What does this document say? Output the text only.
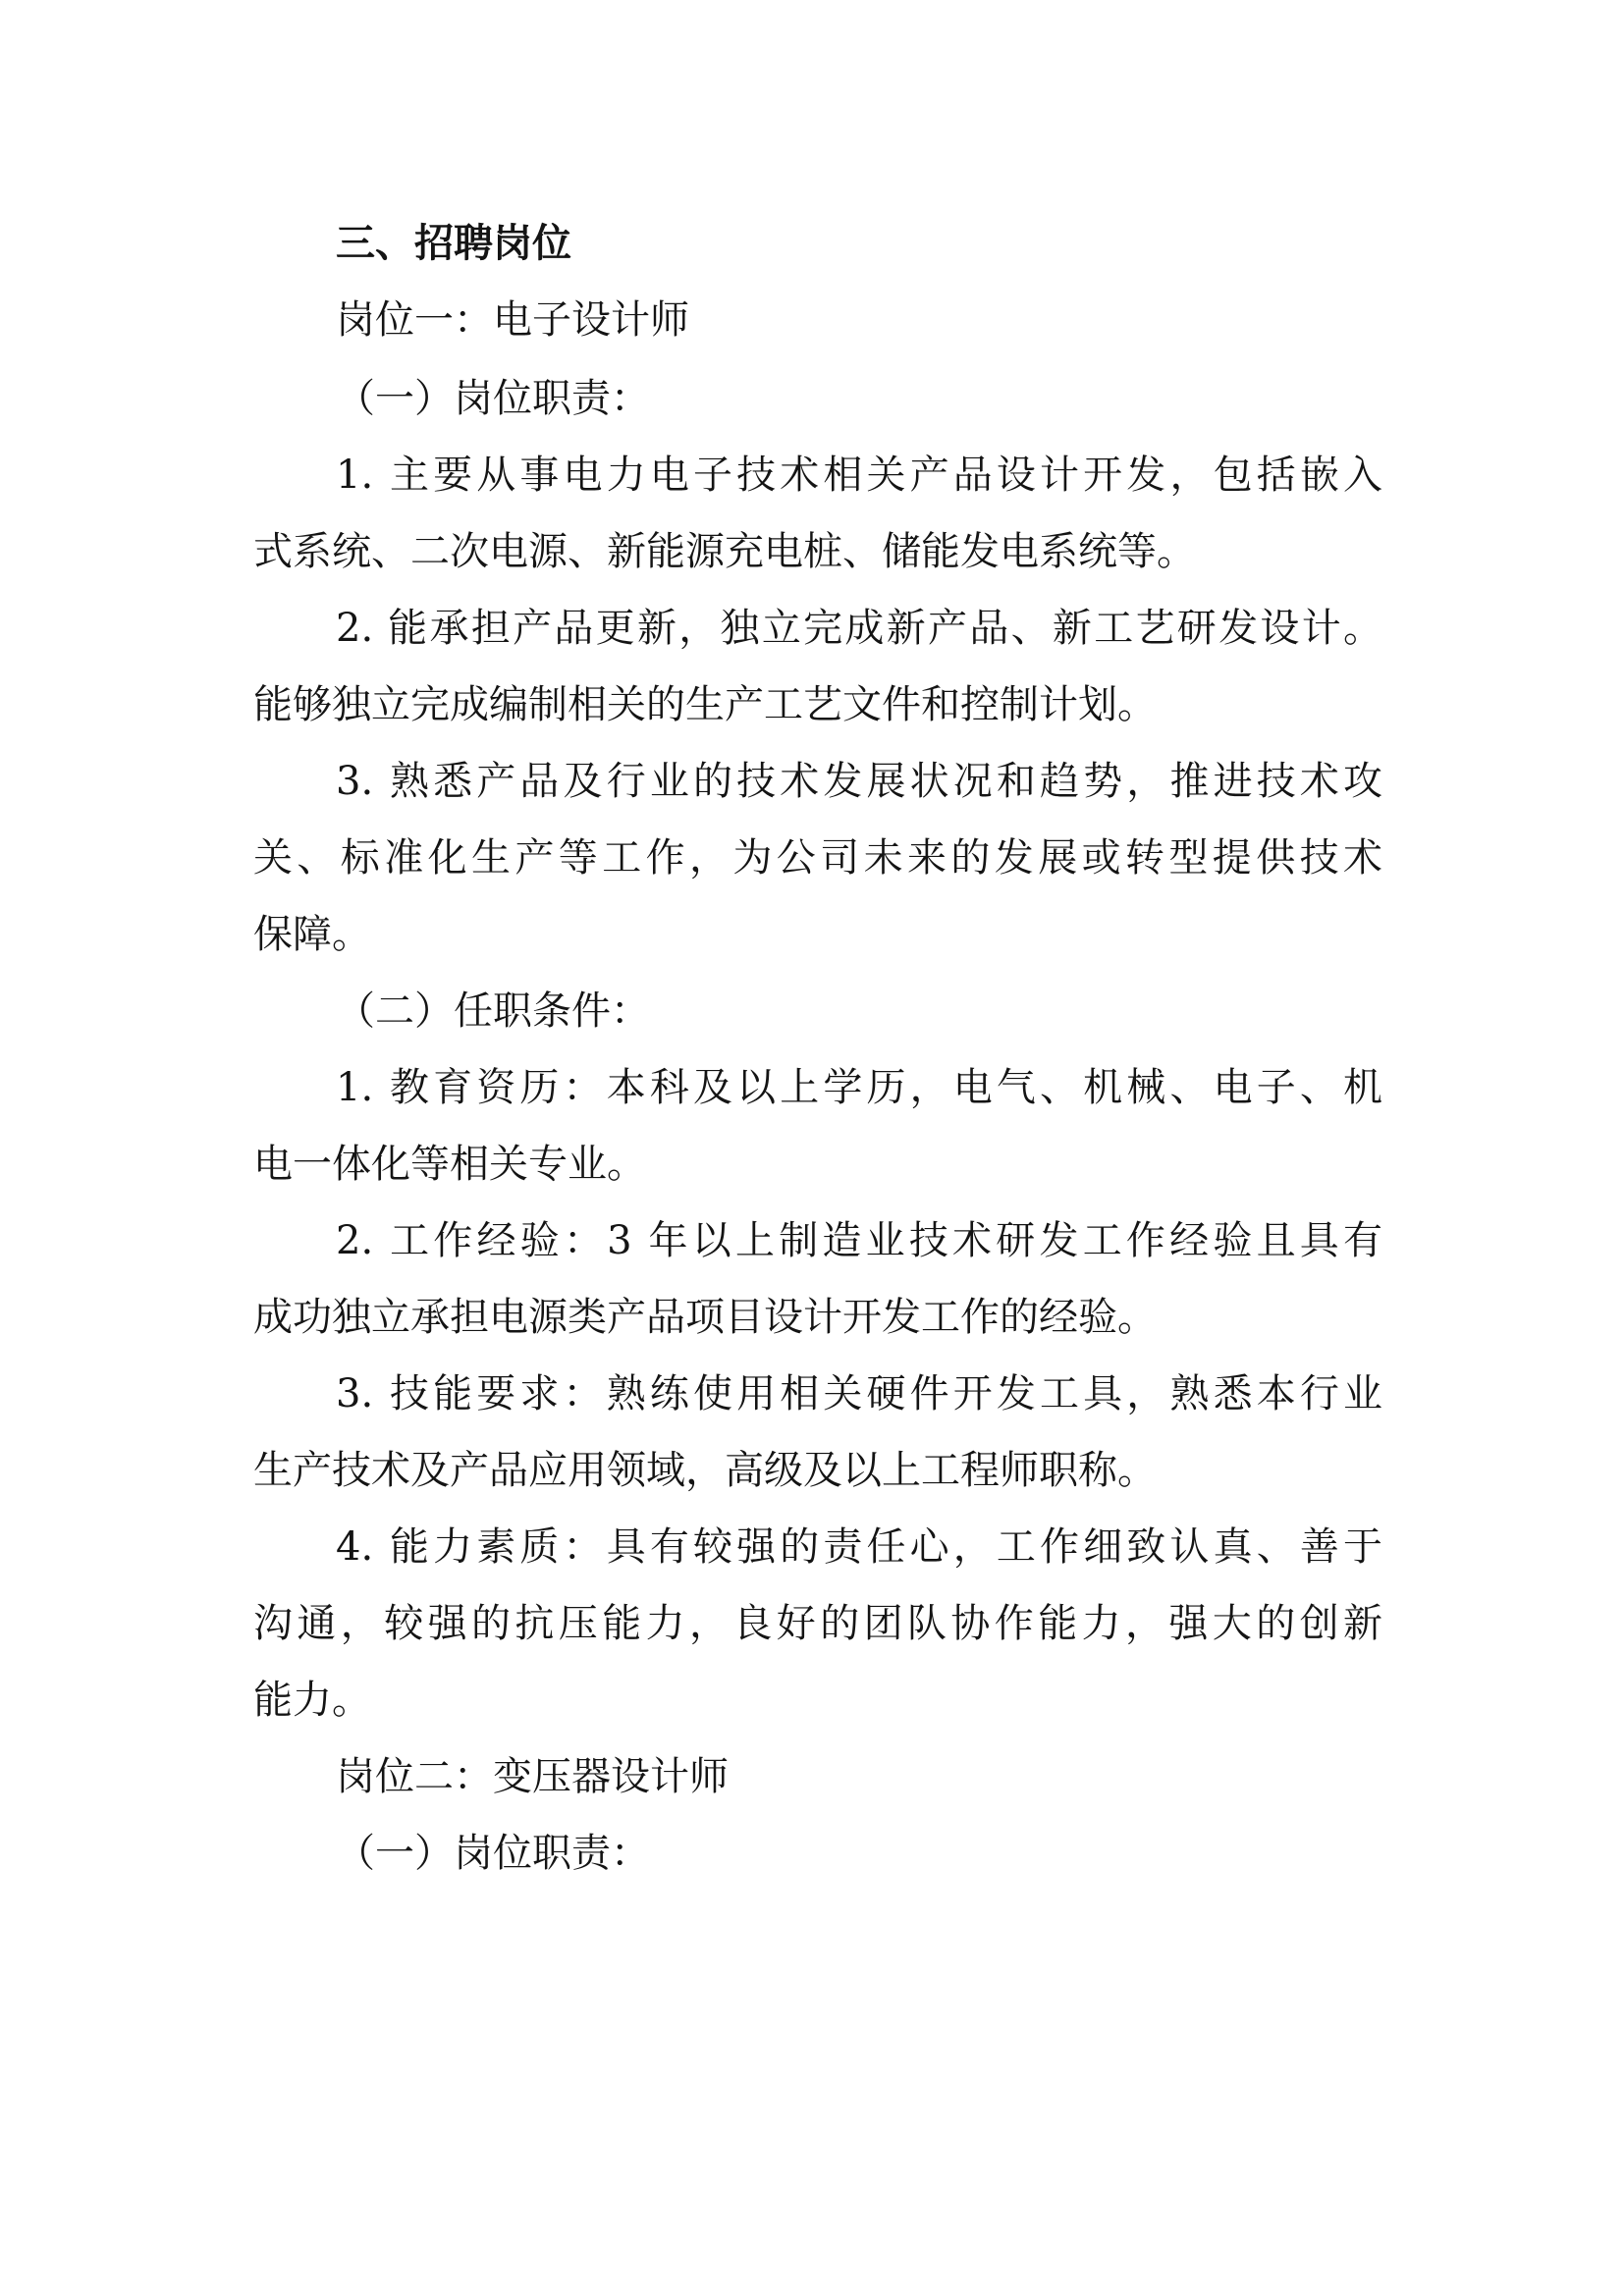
三、招聘岗位
岗位一：电子设计师
（一）岗位职责：
1. 主要从事电力电子技术相关产品设计开发，包括嵌入
式系统、二次电源、新能源充电桩、储能发电系统等。
2. 能承担产品更新，独立完成新产品、新工艺研发设计。
能够独立完成编制相关的生产工艺文件和控制计划。
3. 熟悉产品及行业的技术发展状况和趋势，推进技术攻
关、标准化生产等工作，为公司未来的发展或转型提供技术
保障。
（二）任职条件：
1. 教育资历：本科及以上学历，电气、机械、电子、机
电一体化等相关专业。
2. 工作经验：3 年以上制造业技术研发工作经验且具有
成功独立承担电源类产品项目设计开发工作的经验。
3. 技能要求：熟练使用相关硬件开发工具，熟悉本行业
生产技术及产品应用领域，高级及以上工程师职称。
4. 能力素质：具有较强的责任心，工作细致认真、善于
沟通，较强的抗压能力，良好的团队协作能力，强大的创新
能力。
岗位二：变压器设计师
（一）岗位职责：
